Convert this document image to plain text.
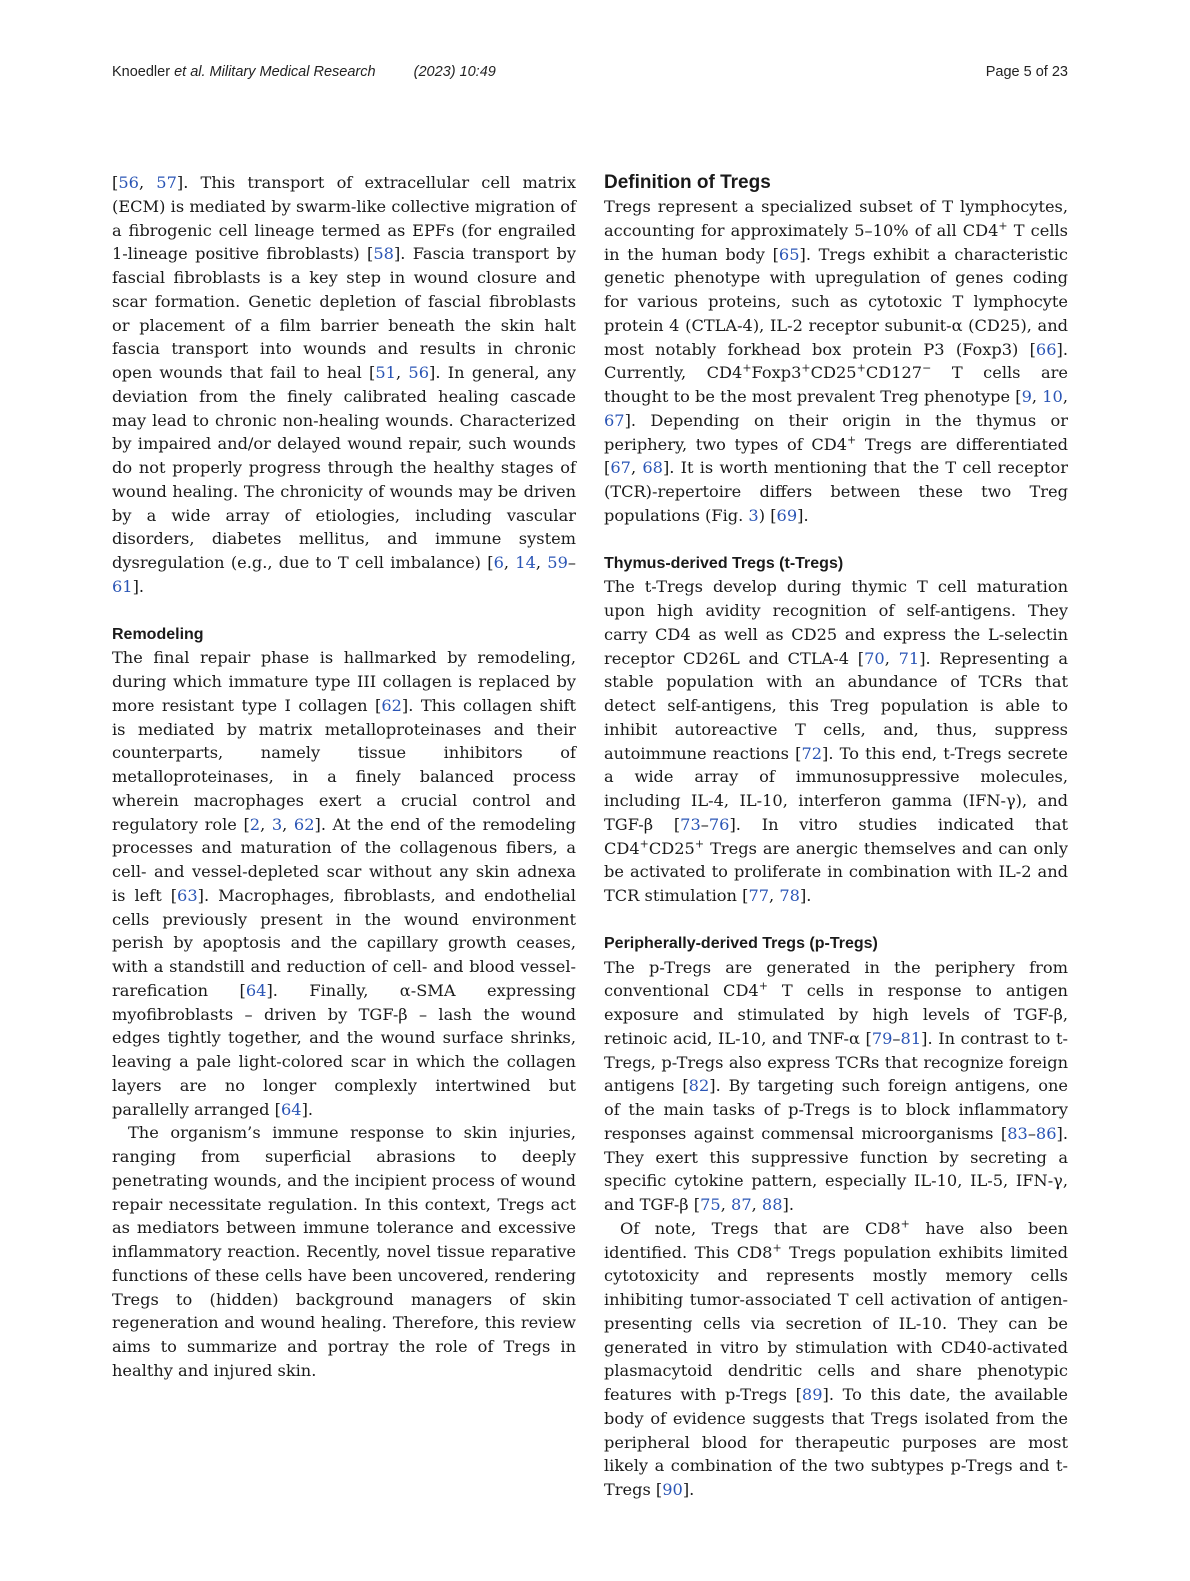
Knoedler et al. Military Medical Research	(2023) 10:49	Page 5 of 23

[56, 57]. This transport of extracellular cell matrix (ECM) is mediated by swarm-like collective migration of a fibrogenic cell lineage termed as EPFs (for engrailed 1-lineage positive fibroblasts) [58]. Fascia transport by fascial fibroblasts is a key step in wound closure and scar formation. Genetic depletion of fascial fibroblasts or placement of a film barrier beneath the skin halt fascia transport into wounds and results in chronic open wounds that fail to heal [51, 56]. In general, any deviation from the finely calibrated healing cascade may lead to chronic non-healing wounds. Characterized by impaired and/or delayed wound repair, such wounds do not properly progress through the healthy stages of wound healing. The chronicity of wounds may be driven by a wide array of etiologies, including vascular disorders, diabetes mellitus, and immune system dysregulation (e.g., due to T cell imbalance) [6, 14, 59–61].

Remodeling

The final repair phase is hallmarked by remodeling, during which immature type III collagen is replaced by more resistant type I collagen [62]. This collagen shift is mediated by matrix metalloproteinases and their counterparts, namely tissue inhibitors of metalloproteinases, in a finely balanced process wherein macrophages exert a crucial control and regulatory role [2, 3, 62]. At the end of the remodeling processes and maturation of the collagenous fibers, a cell- and vessel-depleted scar without any skin adnexa is left [63]. Macrophages, fibroblasts, and endothelial cells previously present in the wound environment perish by apoptosis and the capillary growth ceases, with a standstill and reduction of cell- and blood vessel-rarefication [64]. Finally, α-SMA expressing myofibroblasts – driven by TGF-β – lash the wound edges tightly together, and the wound surface shrinks, leaving a pale light-colored scar in which the collagen layers are no longer complexly intertwined but parallelly arranged [64].

The organism’s immune response to skin injuries, ranging from superficial abrasions to deeply penetrating wounds, and the incipient process of wound repair necessitate regulation. In this context, Tregs act as mediators between immune tolerance and excessive inflammatory reaction. Recently, novel tissue reparative functions of these cells have been uncovered, rendering Tregs to (hidden) background managers of skin regeneration and wound healing. Therefore, this review aims to summarize and portray the role of Tregs in healthy and injured skin.

Definition of Tregs

Tregs represent a specialized subset of T lymphocytes, accounting for approximately 5–10% of all CD4+ T cells in the human body [65]. Tregs exhibit a characteristic genetic phenotype with upregulation of genes coding for various proteins, such as cytotoxic T lymphocyte protein 4 (CTLA-4), IL-2 receptor subunit-α (CD25), and most notably forkhead box protein P3 (Foxp3) [66]. Currently, CD4+Foxp3+CD25+CD127− T cells are thought to be the most prevalent Treg phenotype [9, 10, 67]. Depending on their origin in the thymus or periphery, two types of CD4+ Tregs are differentiated [67, 68]. It is worth mentioning that the T cell receptor (TCR)-repertoire differs between these two Treg populations (Fig. 3) [69].

Thymus-derived Tregs (t-Tregs)

The t-Tregs develop during thymic T cell maturation upon high avidity recognition of self-antigens. They carry CD4 as well as CD25 and express the L-selectin receptor CD26L and CTLA-4 [70, 71]. Representing a stable population with an abundance of TCRs that detect self-antigens, this Treg population is able to inhibit autoreactive T cells, and, thus, suppress autoimmune reactions [72]. To this end, t-Tregs secrete a wide array of immunosuppressive molecules, including IL-4, IL-10, interferon gamma (IFN-γ), and TGF-β [73–76]. In vitro studies indicated that CD4+CD25+ Tregs are anergic themselves and can only be activated to proliferate in combination with IL-2 and TCR stimulation [77, 78].

Peripherally-derived Tregs (p-Tregs)

The p-Tregs are generated in the periphery from conventional CD4+ T cells in response to antigen exposure and stimulated by high levels of TGF-β, retinoic acid, IL-10, and TNF-α [79–81]. In contrast to t-Tregs, p-Tregs also express TCRs that recognize foreign antigens [82]. By targeting such foreign antigens, one of the main tasks of p-Tregs is to block inflammatory responses against commensal microorganisms [83–86]. They exert this suppressive function by secreting a specific cytokine pattern, especially IL-10, IL-5, IFN-γ, and TGF-β [75, 87, 88].

Of note, Tregs that are CD8+ have also been identified. This CD8+ Tregs population exhibits limited cytotoxicity and represents mostly memory cells inhibiting tumor-associated T cell activation of antigen-presenting cells via secretion of IL-10. They can be generated in vitro by stimulation with CD40-activated plasmacytoid dendritic cells and share phenotypic features with p-Tregs [89]. To this date, the available body of evidence suggests that Tregs isolated from the peripheral blood for therapeutic purposes are most likely a combination of the two subtypes p-Tregs and t-Tregs [90].
